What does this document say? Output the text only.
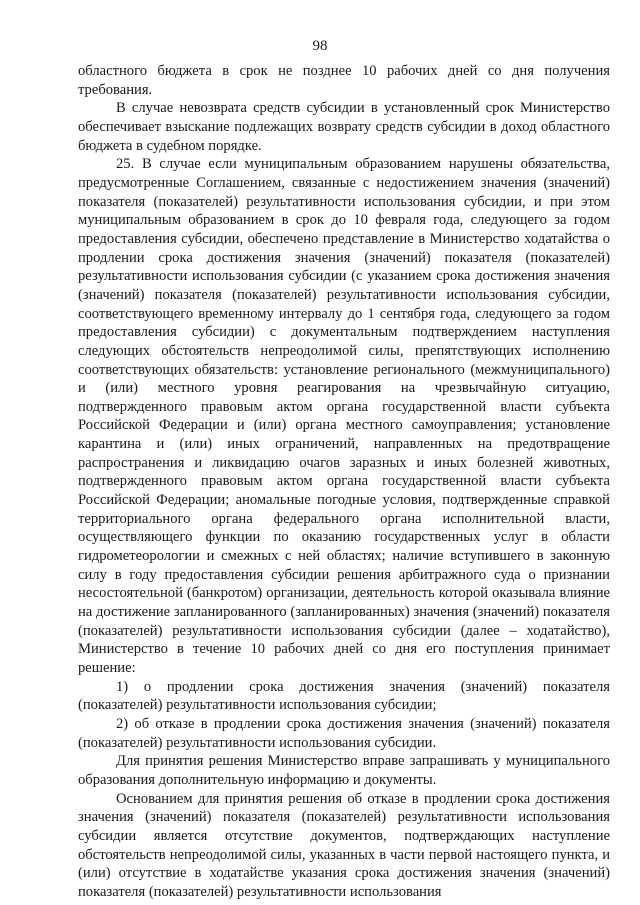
98

областного бюджета в срок не позднее 10 рабочих дней со дня получения требования.

В случае невозврата средств субсидии в установленный срок Министерство обеспечивает взыскание подлежащих возврату средств субсидии в доход областного бюджета в судебном порядке.

25. В случае если муниципальным образованием нарушены обязательства, предусмотренные Соглашением, связанные с недостижением значения (значений) показателя (показателей) результативности использования субсидии, и при этом муниципальным образованием в срок до 10 февраля года, следующего за годом предоставления субсидии, обеспечено представление в Министерство ходатайства о продлении срока достижения значения (значений) показателя (показателей) результативности использования субсидии (с указанием срока достижения значения (значений) показателя (показателей) результативности использования субсидии, соответствующего временному интервалу до 1 сентября года, следующего за годом предоставления субсидии) с документальным подтверждением наступления следующих обстоятельств непреодолимой силы, препятствующих исполнению соответствующих обязательств: установление регионального (межмуниципального) и (или) местного уровня реагирования на чрезвычайную ситуацию, подтвержденного правовым актом органа государственной власти субъекта Российской Федерации и (или) органа местного самоуправления; установление карантина и (или) иных ограничений, направленных на предотвращение распространения и ликвидацию очагов заразных и иных болезней животных, подтвержденного правовым актом органа государственной власти субъекта Российской Федерации; аномальные погодные условия, подтвержденные справкой территориального органа федерального органа исполнительной власти, осуществляющего функции по оказанию государственных услуг в области гидрометеорологии и смежных с ней областях; наличие вступившего в законную силу в году предоставления субсидии решения арбитражного суда о признании несостоятельной (банкротом) организации, деятельность которой оказывала влияние на достижение запланированного (запланированных) значения (значений) показателя (показателей) результативности использования субсидии (далее – ходатайство), Министерство в течение 10 рабочих дней со дня его поступления принимает решение:

1) о продлении срока достижения значения (значений) показателя (показателей) результативности использования субсидии;

2) об отказе в продлении срока достижения значения (значений) показателя (показателей) результативности использования субсидии.

Для принятия решения Министерство вправе запрашивать у муниципального образования дополнительную информацию и документы.

Основанием для принятия решения об отказе в продлении срока достижения значения (значений) показателя (показателей) результативности использования субсидии является отсутствие документов, подтверждающих наступление обстоятельств непреодолимой силы, указанных в части первой настоящего пункта, и (или) отсутствие в ходатайстве указания срока достижения значения (значений) показателя (показателей) результативности использования
